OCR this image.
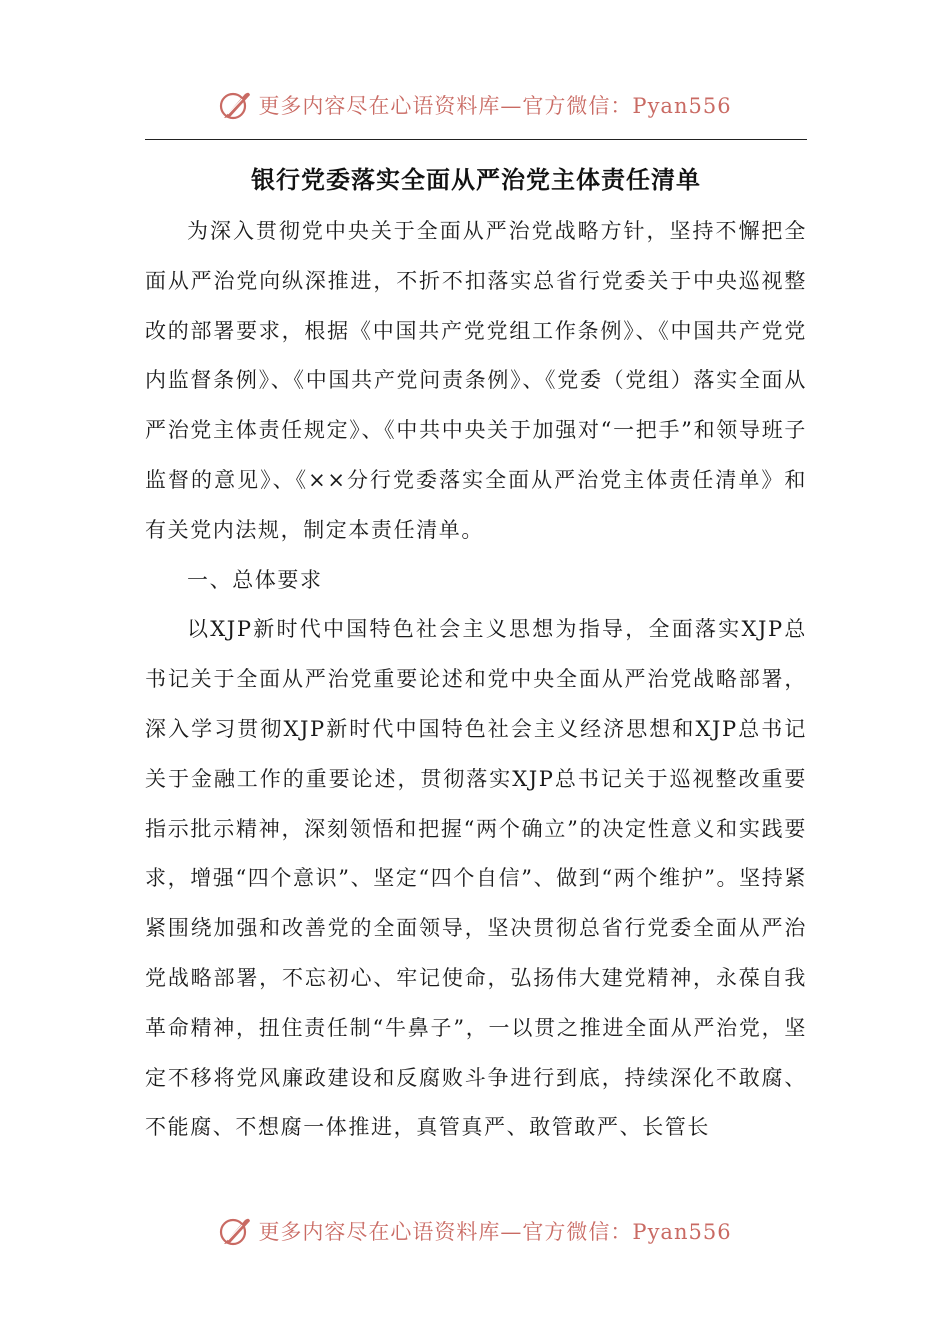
更多内容尽在心语资料库—官方微信：Pyan556
银行党委落实全面从严治党主体责任清单

为深入贯彻党中央关于全面从严治党战略方针，坚持不懈把全面从严治党向纵深推进，不折不扣落实总省行党委关于中央巡视整改的部署要求，根据《中国共产党党组工作条例》、《中国共产党党内监督条例》、《中国共产党问责条例》、《党委（党组）落实全面从严治党主体责任规定》、《中共中央关于加强对“一把手”和领导班子监督的意见》、《××分行党委落实全面从严治党主体责任清单》和有关党内法规，制定本责任清单。

一、总体要求

以XJP新时代中国特色社会主义思想为指导，全面落实XJP总书记关于全面从严治党重要论述和党中央全面从严治党战略部署，深入学习贯彻XJP新时代中国特色社会主义经济思想和XJP总书记关于金融工作的重要论述，贯彻落实XJP总书记关于巡视整改重要指示批示精神，深刻领悟和把握“两个确立”的决定性意义和实践要求，增强“四个意识”、坚定“四个自信”、做到“两个维护”。坚持紧紧围绕加强和改善党的全面领导，坚决贯彻总省行党委全面从严治党战略部署，不忘初心、牢记使命，弘扬伟大建党精神，永葆自我革命精神，扭住责任制“牛鼻子”，一以贯之推进全面从严治党，坚定不移将党风廉政建设和反腐败斗争进行到底，持续深化不敢腐、不能腐、不想腐一体推进，真管真严、敢管敢严、长管长

更多内容尽在心语资料库—官方微信：Pyan556
